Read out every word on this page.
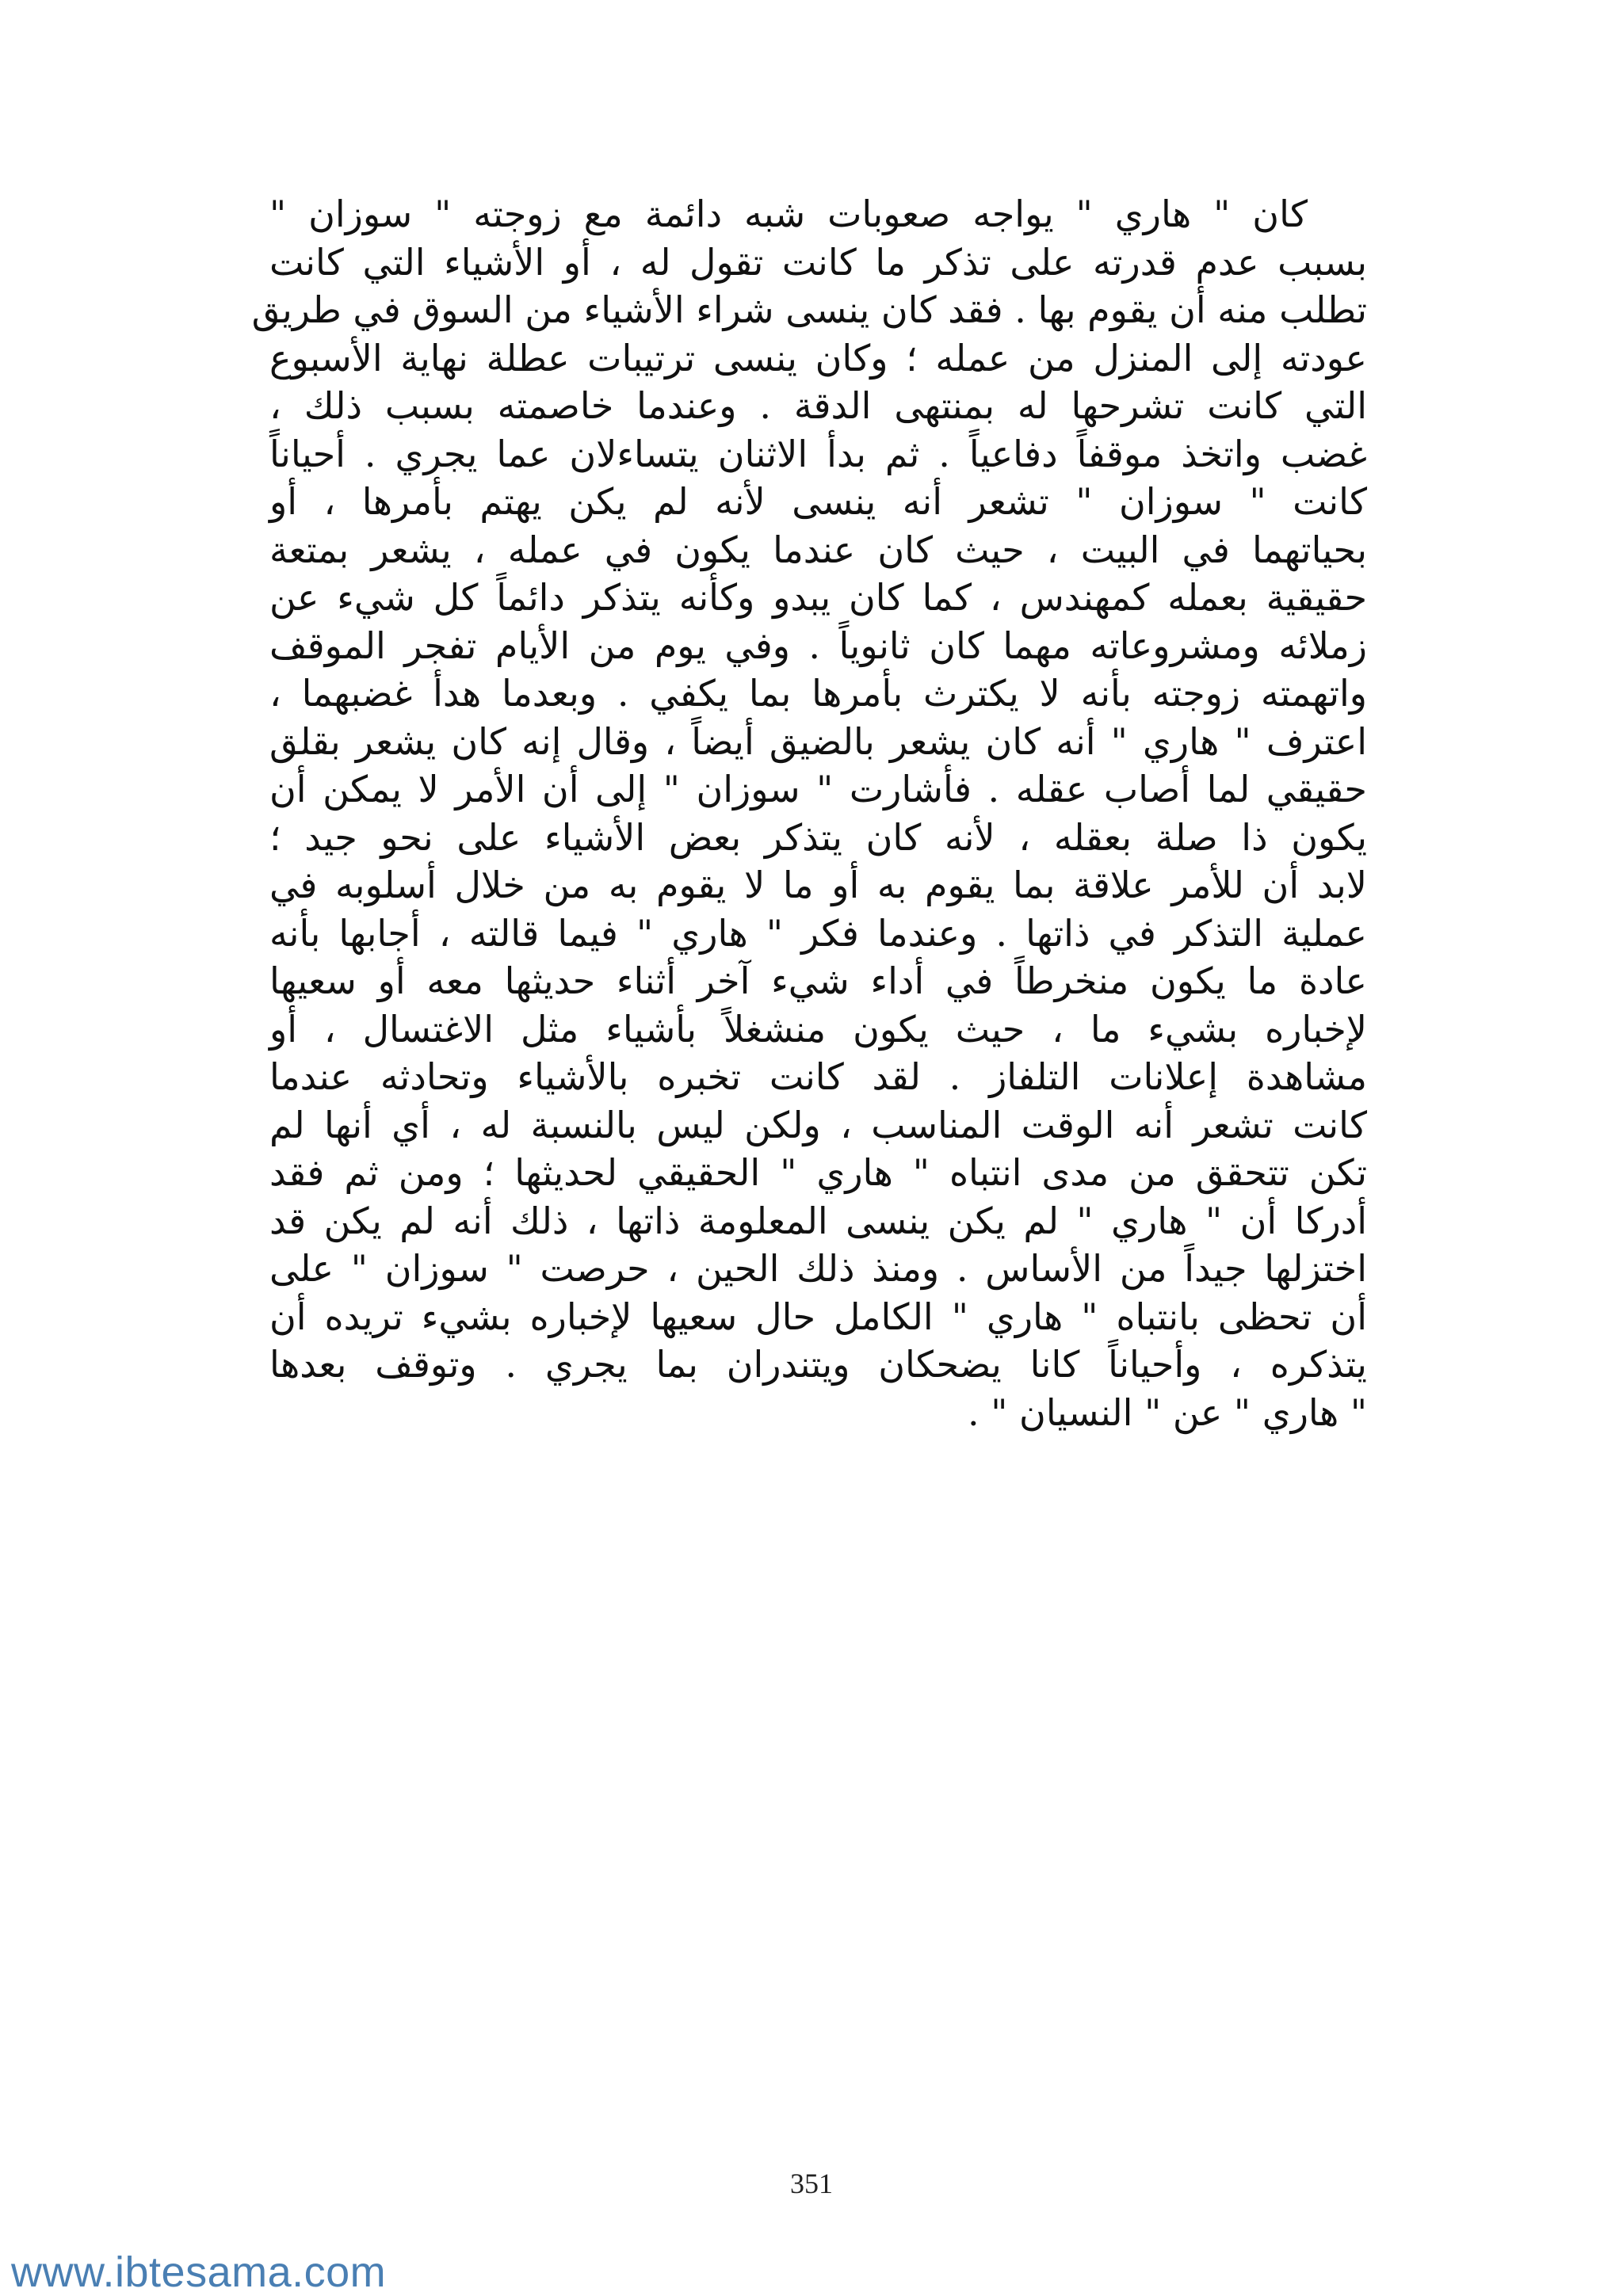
كان " هاري " يواجه صعوبات شبه دائمة مع زوجته " سوزان "
بسبب عدم قدرته على تذكر ما كانت تقول له ، أو الأشياء التي كانت
تطلب منه أن يقوم بها . فقد كان ينسى شراء الأشياء من السوق في طريق
عودته إلى المنزل من عمله ؛ وكان ينسى ترتيبات عطلة نهاية الأسبوع
التي كانت تشرحها له بمنتهى الدقة . وعندما خاصمته بسبب ذلك ،
غضب واتخذ موقفاً دفاعياً . ثم بدأ الاثنان يتساءلان عما يجري . أحياناً
كانت " سوزان " تشعر أنه ينسى لأنه لم يكن يهتم بأمرها ، أو
بحياتهما في البيت ، حيث كان عندما يكون في عمله ، يشعر بمتعة
حقيقية بعمله كمهندس ، كما كان يبدو وكأنه يتذكر دائماً كل شيء عن
زملائه ومشروعاته مهما كان ثانوياً . وفي يوم من الأيام تفجر الموقف
واتهمته زوجته بأنه لا يكترث بأمرها بما يكفي . وبعدما هدأ غضبهما ،
اعترف " هاري " أنه كان يشعر بالضيق أيضاً ، وقال إنه كان يشعر بقلق
حقيقي لما أصاب عقله . فأشارت " سوزان " إلى أن الأمر لا يمكن أن
يكون ذا صلة بعقله ، لأنه كان يتذكر بعض الأشياء على نحو جيد ؛
لابد أن للأمر علاقة بما يقوم به أو ما لا يقوم به من خلال أسلوبه في
عملية التذكر في ذاتها . وعندما فكر " هاري " فيما قالته ، أجابها بأنه
عادة ما يكون منخرطاً في أداء شيء آخر أثناء حديثها معه أو سعيها
لإخباره بشيء ما ، حيث يكون منشغلاً بأشياء مثل الاغتسال ، أو
مشاهدة إعلانات التلفاز . لقد كانت تخبره بالأشياء وتحادثه عندما
كانت تشعر أنه الوقت المناسب ، ولكن ليس بالنسبة له ، أي أنها لم
تكن تتحقق من مدى انتباه " هاري " الحقيقي لحديثها ؛ ومن ثم فقد
أدركا أن " هاري " لم يكن ينسى المعلومة ذاتها ، ذلك أنه لم يكن قد
اختزلها جيداً من الأساس . ومنذ ذلك الحين ، حرصت " سوزان " على
أن تحظى بانتباه " هاري " الكامل حال سعيها لإخباره بشيء تريده أن
يتذكره ، وأحياناً كانا يضحكان ويتندران بما يجري . وتوقف بعدها
" هاري " عن " النسيان " .
351
www.ibtesama.com
